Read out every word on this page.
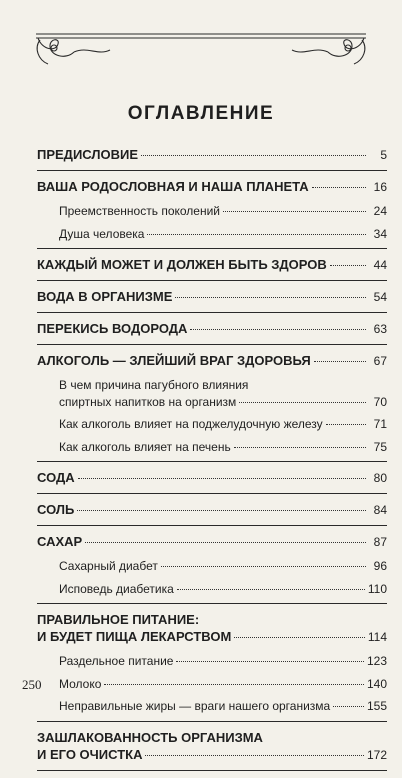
ОГЛАВЛЕНИЕ
ПРЕДИСЛОВИЕ	5
ВАША РОДОСЛОВНАЯ И НАША ПЛАНЕТА	16
Преемственность поколений	24
Душа человека	34
КАЖДЫЙ МОЖЕТ И ДОЛЖЕН БЫТЬ ЗДОРОВ	44
ВОДА В ОРГАНИЗМЕ	54
ПЕРЕКИСЬ ВОДОРОДА	63
АЛКОГОЛЬ — ЗЛЕЙШИЙ ВРАГ ЗДОРОВЬЯ	67
В чем причина пагубного влияния
спиртных напитков на организм	70
Как алкоголь влияет на поджелудочную железу	71
Как алкоголь влияет на печень	75
СОДА	80
СОЛЬ	84
САХАР	87
Сахарный диабет	96
Исповедь диабетика	110
ПРАВИЛЬНОЕ ПИТАНИЕ:
И БУДЕТ ПИЩА ЛЕКАРСТВОМ	114
Раздельное питание	123
Молоко	140
Неправильные жиры — враги нашего организма	155
ЗАШЛАКОВАННОСТЬ ОРГАНИЗМА
И ЕГО ОЧИСТКА	172
250
